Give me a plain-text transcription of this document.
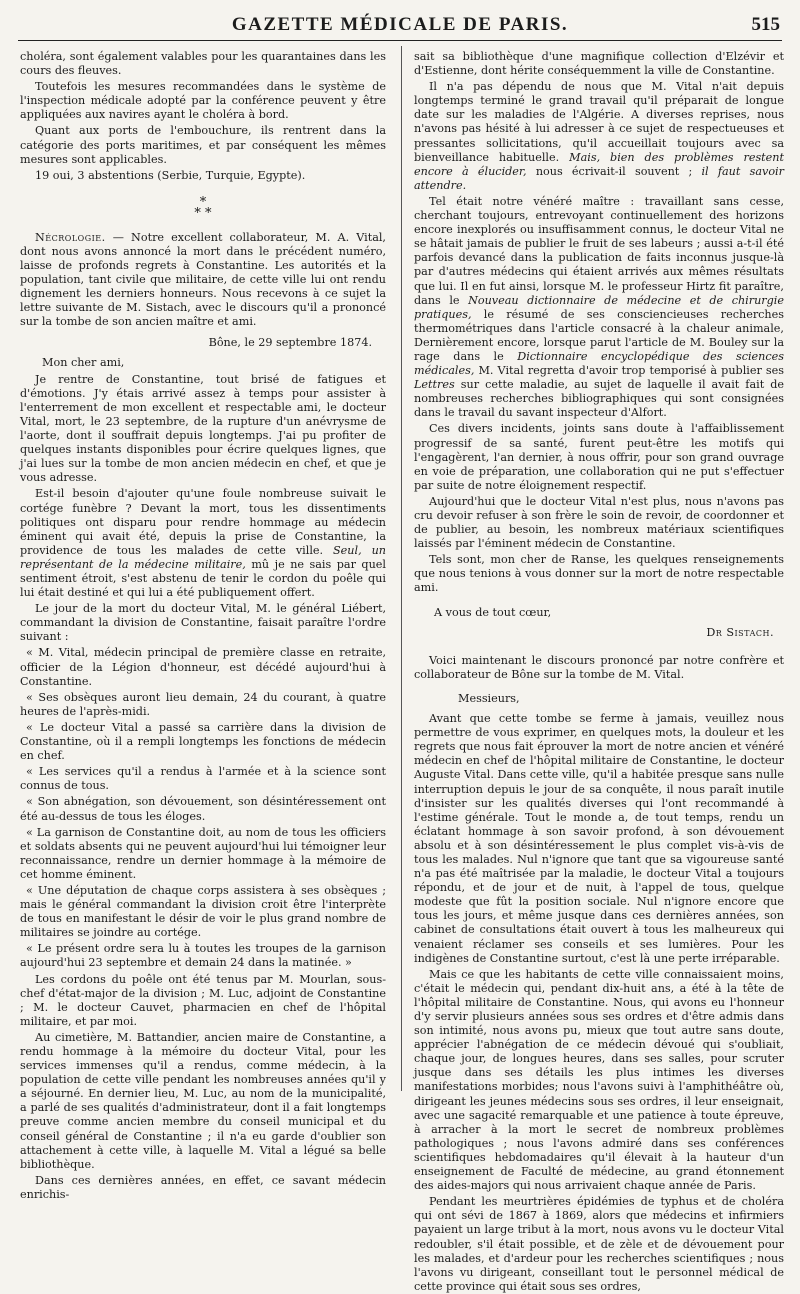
GAZETTE MÉDICALE DE PARIS.	515

choléra, sont également valables pour les quarantaines dans les cours des fleuves.

Toutefois les mesures recommandées dans le système de l'inspection médicale adopté par la conférence peuvent y être appliquées aux navires ayant le choléra à bord.

Quant aux ports de l'embouchure, ils rentrent dans la catégorie des ports maritimes, et par conséquent les mêmes mesures sont applicables.

19 oui, 3 abstentions (Serbie, Turquie, Egypte).

*
* *

Nécrologie. — Notre excellent collaborateur, M. A. Vital, dont nous avons annoncé la mort dans le précédent numéro, laisse de profonds regrets à Constantine. Les autorités et la population, tant civile que militaire, de cette ville lui ont rendu dignement les derniers honneurs. Nous recevons à ce sujet la lettre suivante de M. Sistach, avec le discours qu'il a prononcé sur la tombe de son ancien maître et ami.

Bône, le 29 septembre 1874.

Mon cher ami,

Je rentre de Constantine, tout brisé de fatigues et d'émotions. J'y étais arrivé assez à temps pour assister à l'enterrement de mon excellent et respectable ami, le docteur Vital, mort, le 23 septembre, de la rupture d'un anévrysme de l'aorte, dont il souffrait depuis longtemps. J'ai pu profiter de quelques instants disponibles pour écrire quelques lignes, que j'ai lues sur la tombe de mon ancien médecin en chef, et que je vous adresse.

Est-il besoin d'ajouter qu'une foule nombreuse suivait le cortége funèbre ? Devant la mort, tous les dissentiments politiques ont disparu pour rendre hommage au médecin éminent qui avait été, depuis la prise de Constantine, la providence de tous les malades de cette ville. Seul, un représentant de la médecine militaire, mû je ne sais par quel sentiment étroit, s'est abstenu de tenir le cordon du poêle qui lui était destiné et qui lui a été publiquement offert.

Le jour de la mort du docteur Vital, M. le général Liébert, commandant la division de Constantine, faisait paraître l'ordre suivant :

« M. Vital, médecin principal de première classe en retraite, officier de la Légion d'honneur, est décédé aujourd'hui à Constantine.

« Ses obsèques auront lieu demain, 24 du courant, à quatre heures de l'après-midi.

« Le docteur Vital a passé sa carrière dans la division de Constantine, où il a rempli longtemps les fonctions de médecin en chef.

« Les services qu'il a rendus à l'armée et à la science sont connus de tous.

« Son abnégation, son dévouement, son désintéressement ont été au-dessus de tous les éloges.

« La garnison de Constantine doit, au nom de tous les officiers et soldats absents qui ne peuvent aujourd'hui lui témoigner leur reconnaissance, rendre un dernier hommage à la mémoire de cet homme éminent.

« Une députation de chaque corps assistera à ses obsèques ; mais le général commandant la division croit être l'interprète de tous en manifestant le désir de voir le plus grand nombre de militaires se joindre au cortége.

« Le présent ordre sera lu à toutes les troupes de la garnison aujourd'hui 23 septembre et demain 24 dans la matinée. »

Les cordons du poêle ont été tenus par M. Mourlan, sous-chef d'état-major de la division ; M. Luc, adjoint de Constantine ; M. le docteur Cauvet, pharmacien en chef de l'hôpital militaire, et par moi.

Au cimetière, M. Battandier, ancien maire de Constantine, a rendu hommage à la mémoire du docteur Vital, pour les services immenses qu'il a rendus, comme médecin, à la population de cette ville pendant les nombreuses années qu'il y a séjourné. En dernier lieu, M. Luc, au nom de la municipalité, a parlé de ses qualités d'administrateur, dont il a fait longtemps preuve comme ancien membre du conseil municipal et du conseil général de Constantine ; il n'a eu garde d'oublier son attachement à cette ville, à laquelle M. Vital a légué sa belle bibliothèque.

Dans ces dernières années, en effet, ce savant médecin enrichis-

sait sa bibliothèque d'une magnifique collection d'Elzévir et d'Estienne, dont hérite conséquemment la ville de Constantine.

Il n'a pas dépendu de nous que M. Vital n'ait depuis longtemps terminé le grand travail qu'il préparait de longue date sur les maladies de l'Algérie. A diverses reprises, nous n'avons pas hésité à lui adresser à ce sujet de respectueuses et pressantes sollicitations, qu'il accueillait toujours avec sa bienveillance habituelle. Mais, bien des problèmes restent encore à élucider, nous écrivait-il souvent ; il faut savoir attendre.

Tel était notre vénéré maître : travaillant sans cesse, cherchant toujours, entrevoyant continuellement des horizons encore inexplorés ou insuffisamment connus, le docteur Vital ne se hâtait jamais de publier le fruit de ses labeurs ; aussi a-t-il été parfois devancé dans la publication de faits inconnus jusque-là par d'autres médecins qui étaient arrivés aux mêmes résultats que lui. Il en fut ainsi, lorsque M. le professeur Hirtz fit paraître, dans le Nouveau dictionnaire de médecine et de chirurgie pratiques, le résumé de ses consciencieuses recherches thermométriques dans l'article consacré à la chaleur animale, Dernièrement encore, lorsque parut l'article de M. Bouley sur la rage dans le Dictionnaire encyclopédique des sciences médicales, M. Vital regretta d'avoir trop temporisé à publier ses Lettres sur cette maladie, au sujet de laquelle il avait fait de nombreuses recherches bibliographiques qui sont consignées dans le travail du savant inspecteur d'Alfort.

Ces divers incidents, joints sans doute à l'affaiblissement progressif de sa santé, furent peut-être les motifs qui l'engagèrent, l'an dernier, à nous offrir, pour son grand ouvrage en voie de préparation, une collaboration qui ne put s'effectuer par suite de notre éloignement respectif.

Aujourd'hui que le docteur Vital n'est plus, nous n'avons pas cru devoir refuser à son frère le soin de revoir, de coordonner et de publier, au besoin, les nombreux matériaux scientifiques laissés par l'éminent médecin de Constantine.

Tels sont, mon cher de Ranse, les quelques renseignements que nous tenions à vous donner sur la mort de notre respectable ami.

A vous de tout cœur,

Dr Sistach.

Voici maintenant le discours prononcé par notre confrère et collaborateur de Bône sur la tombe de M. Vital.

Messieurs,

Avant que cette tombe se ferme à jamais, veuillez nous permettre de vous exprimer, en quelques mots, la douleur et les regrets que nous fait éprouver la mort de notre ancien et vénéré médecin en chef de l'hôpital militaire de Constantine, le docteur Auguste Vital. Dans cette ville, qu'il a habitée presque sans nulle interruption depuis le jour de sa conquête, il nous paraît inutile d'insister sur les qualités diverses qui l'ont recommandé à l'estime générale. Tout le monde a, de tout temps, rendu un éclatant hommage à son savoir profond, à son dévouement absolu et à son désintéressement le plus complet vis-à-vis de tous les malades. Nul n'ignore que tant que sa vigoureuse santé n'a pas été maîtrisée par la maladie, le docteur Vital a toujours répondu, et de jour et de nuit, à l'appel de tous, quelque modeste que fût la position sociale. Nul n'ignore encore que tous les jours, et même jusque dans ces dernières années, son cabinet de consultations était ouvert à tous les malheureux qui venaient réclamer ses conseils et ses lumières. Pour les indigènes de Constantine surtout, c'est là une perte irréparable.

Mais ce que les habitants de cette ville connaissaient moins, c'était le médecin qui, pendant dix-huit ans, a été à la tête de l'hôpital militaire de Constantine. Nous, qui avons eu l'honneur d'y servir plusieurs années sous ses ordres et d'être admis dans son intimité, nous avons pu, mieux que tout autre sans doute, apprécier l'abnégation de ce médecin dévoué qui s'oubliait, chaque jour, de longues heures, dans ses salles, pour scruter jusque dans ses détails les plus intimes les diverses manifestations morbides; nous l'avons suivi à l'amphithéâtre où, dirigeant les jeunes médecins sous ses ordres, il leur enseignait, avec une sagacité remarquable et une patience à toute épreuve, à arracher à la mort le secret de nombreux problèmes pathologiques ; nous l'avons admiré dans ses conférences scientifiques hebdomadaires qu'il élevait à la hauteur d'un enseignement de Faculté de médecine, au grand étonnement des aides-majors qui nous arrivaient chaque année de Paris.

Pendant les meurtrières épidémies de typhus et de choléra qui ont sévi de 1867 à 1869, alors que médecins et infirmiers payaient un large tribut à la mort, nous avons vu le docteur Vital redoubler, s'il était possible, et de zèle et de dévouement pour les malades, et d'ardeur pour les recherches scientifiques ; nous l'avons vu dirigeant, conseillant tout le personnel médical de cette province qui était sous ses ordres,
